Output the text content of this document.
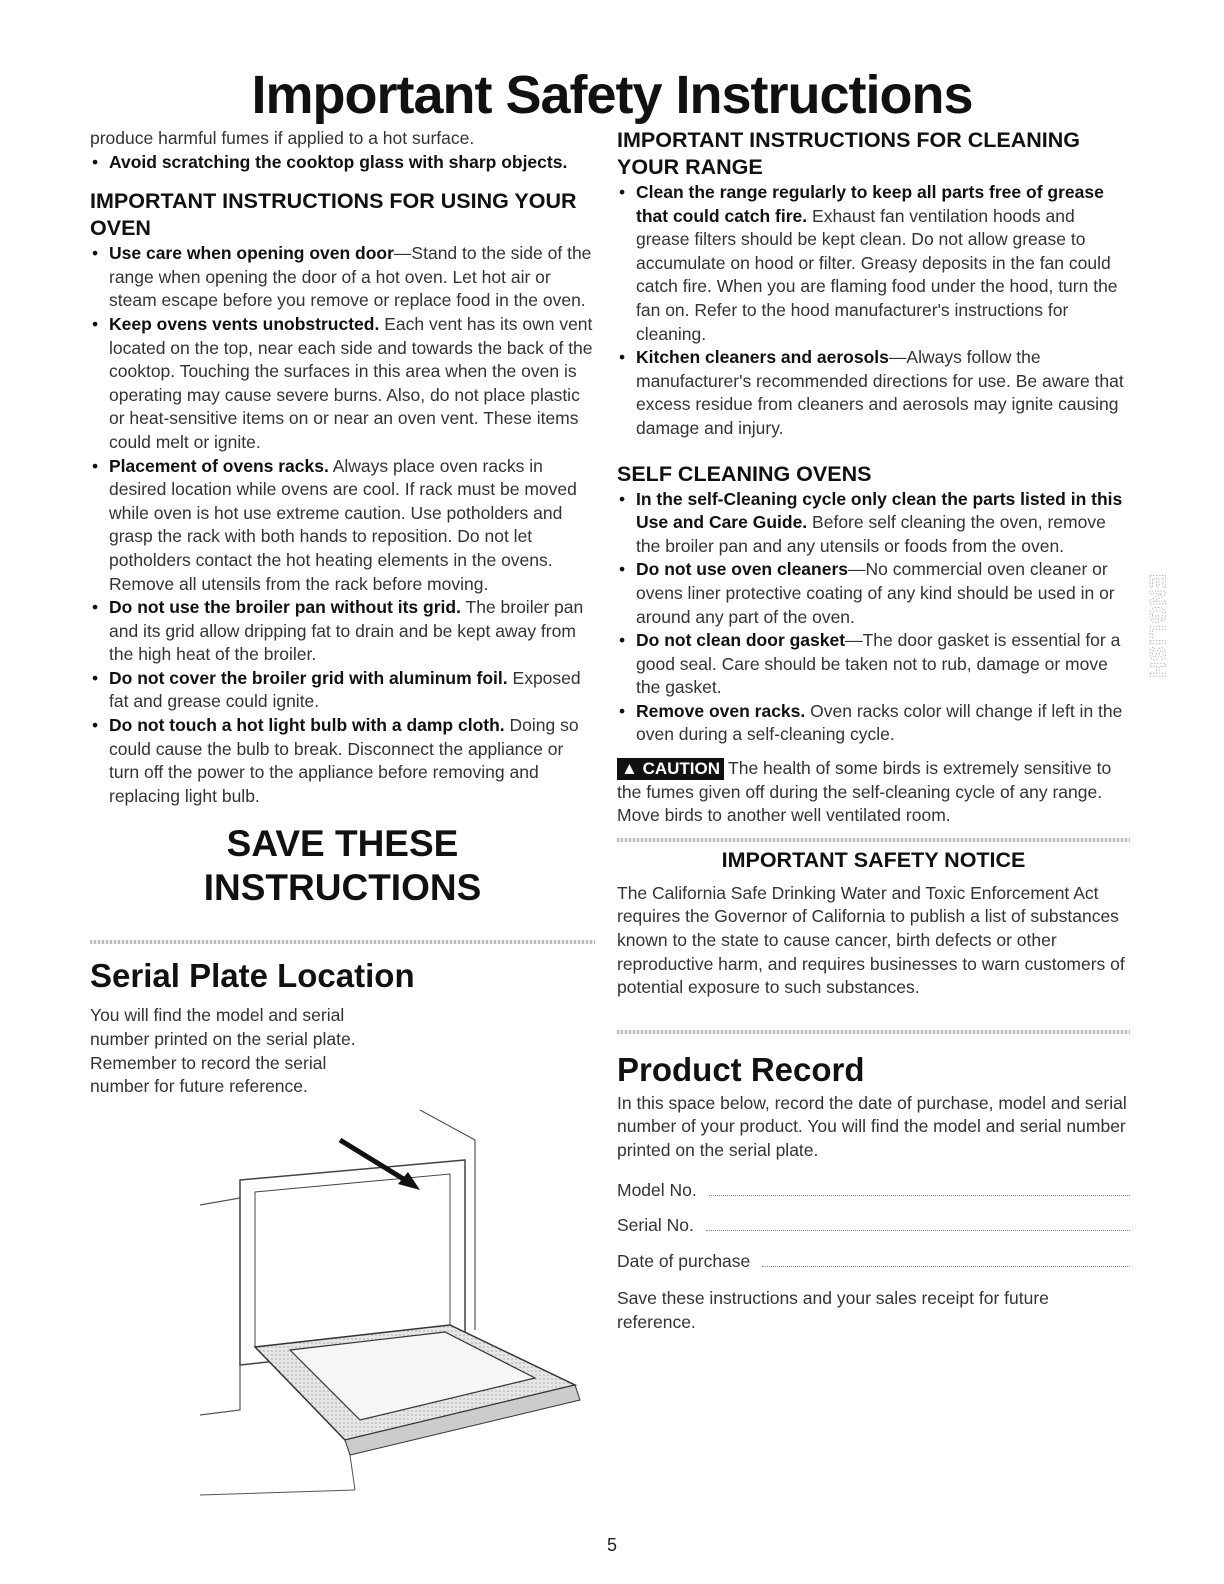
Important Safety Instructions

produce harmful fumes if applied to a hot surface.

• Avoid scratching the cooktop glass with sharp objects.

IMPORTANT INSTRUCTIONS FOR USING YOUR OVEN

• Use care when opening oven door—Stand to the side of the range when opening the door of a hot oven. Let hot air or steam escape before you remove or replace food in the oven.
• Keep ovens vents unobstructed. Each vent has its own vent located on the top, near each side and towards the back of the cooktop. Touching the surfaces in this area when the oven is operating may cause severe burns. Also, do not place plastic or heat-sensitive items on or near an oven vent. These items could melt or ignite.
• Placement of ovens racks. Always place oven racks in desired location while ovens are cool. If rack must be moved while oven is hot use extreme caution. Use potholders and grasp the rack with both hands to reposition. Do not let potholders contact the hot heating elements in the ovens. Remove all utensils from the rack before moving.
• Do not use the broiler pan without its grid. The broiler pan and its grid allow dripping fat to drain and be kept away from the high heat of the broiler.
• Do not cover the broiler grid with aluminum foil. Exposed fat and grease could ignite.
• Do not touch a hot light bulb with a damp cloth. Doing so could cause the bulb to break. Disconnect the appliance or turn off the power to the appliance before removing and replacing light bulb.
SAVE THESE INSTRUCTIONS
Serial Plate Location

You will find the model and serial number printed on the serial plate. Remember to record the serial number for future reference.

IMPORTANT INSTRUCTIONS FOR CLEANING YOUR RANGE

• Clean the range regularly to keep all parts free of grease that could catch fire. Exhaust fan ventilation hoods and grease filters should be kept clean. Do not allow grease to accumulate on hood or filter. Greasy deposits in the fan could catch fire. When you are flaming food under the hood, turn the fan on. Refer to the hood manufacturer's instructions for cleaning.
• Kitchen cleaners and aerosols—Always follow the manufacturer's recommended directions for use. Be aware that excess residue from cleaners and aerosols may ignite causing damage and injury.

SELF CLEANING OVENS

• In the self-Cleaning cycle only clean the parts listed in this Use and Care Guide. Before self cleaning the oven, remove the broiler pan and any utensils or foods from the oven.
• Do not use oven cleaners—No commercial oven cleaner or ovens liner protective coating of any kind should be used in or around any part of the oven.
• Do not clean door gasket—The door gasket is essential for a good seal. Care should be taken not to rub, damage or move the gasket.
• Remove oven racks. Oven racks color will change if left in the oven during a self-cleaning cycle.

▲ CAUTION The health of some birds is extremely sensitive to the fumes given off during the self-cleaning cycle of any range. Move birds to another well ventilated room.

IMPORTANT SAFETY NOTICE

The California Safe Drinking Water and Toxic Enforcement Act requires the Governor of California to publish a list of substances known to the state to cause cancer, birth defects or other reproductive harm, and requires businesses to warn customers of potential exposure to such substances.

Product Record

In this space below, record the date of purchase, model and serial number of your product. You will find the model and serial number printed on the serial plate.

Model No.
Serial No.
Date of purchase

Save these instructions and your sales receipt for future reference.

ENGLISH
5
